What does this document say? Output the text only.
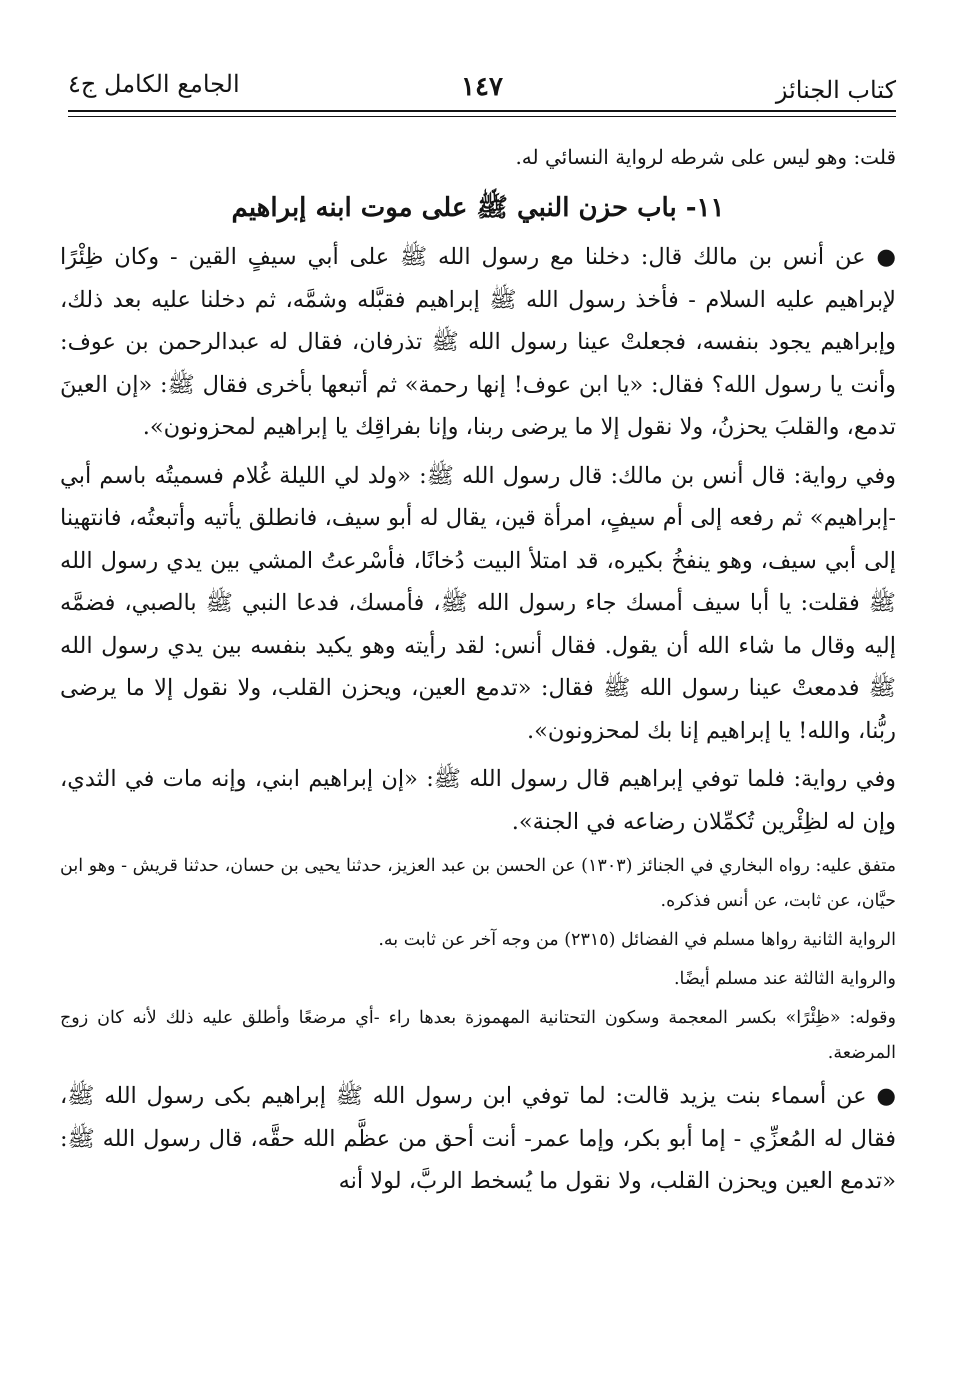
كتاب الجنائز
١٤٧
الجامع الكامل ج٤

قلت: وهو ليس على شرطه لرواية النسائي له.

١١- باب حزن النبي ﷺ على موت ابنه إبراهيم

● عن أنس بن مالك قال: دخلنا مع رسول الله ﷺ على أبي سيفٍ القين - وكان ظِئْرًا لإبراهيم عليه السلام - فأخذ رسول الله ﷺ إبراهيم فقبَّله وشمَّه، ثم دخلنا عليه بعد ذلك، وإبراهيم يجود بنفسه، فجعلتْ عينا رسول الله ﷺ تذرفان، فقال له عبدالرحمن بن عوف: وأنت يا رسول الله؟ فقال: «يا ابن عوف! إنها رحمة» ثم أتبعها بأخرى فقال ﷺ: «إن العينَ تدمع، والقلبَ يحزنُ، ولا نقول إلا ما يرضى ربنا، وإنا بفراقِك يا إبراهيم لمحزونون».

وفي رواية: قال أنس بن مالك: قال رسول الله ﷺ: «ولد لي الليلة غُلام فسميتُه باسم أبي -إبراهيم» ثم رفعه إلى أم سيفٍ، امرأة قين، يقال له أبو سيف، فانطلق يأتيه وأتبعتُه، فانتهينا إلى أبي سيف، وهو ينفخُ بكيره، قد امتلأ البيت دُخانًا، فأسْرعتُ المشي بين يدي رسول الله ﷺ فقلت: يا أبا سيف أمسك جاء رسول الله ﷺ، فأمسك، فدعا النبي ﷺ بالصبي، فضمَّه إليه وقال ما شاء الله أن يقول. فقال أنس: لقد رأيته وهو يكيد بنفسه بين يدي رسول الله ﷺ فدمعتْ عينا رسول الله ﷺ فقال: «تدمع العين، ويحزن القلب، ولا نقول إلا ما يرضى ربُّنا، والله! يا إبراهيم إنا بك لمحزونون».

وفي رواية: فلما توفي إبراهيم قال رسول الله ﷺ: «إن إبراهيم ابني، وإنه مات في الثدي، وإن له لظِئْرين تُكمِّلان رضاعه في الجنة».

متفق عليه: رواه البخاري في الجنائز (١٣٠٣) عن الحسن بن عبد العزيز، حدثنا يحيى بن حسان، حدثنا قريش - وهو ابن حيَّان، عن ثابت، عن أنس فذكره.

الرواية الثانية رواها مسلم في الفضائل (٢٣١٥) من وجه آخر عن ثابت به.

والرواية الثالثة عند مسلم أيضًا.

وقوله: «ظِئْرًا» بكسر المعجمة وسكون التحتانية المهموزة بعدها راء -أي مرضعًا وأطلق عليه ذلك لأنه كان زوج المرضعة.

● عن أسماء بنت يزيد قالت: لما توفي ابن رسول الله ﷺ إبراهيم بكى رسول الله ﷺ، فقال له المُعزِّي - إما أبو بكر، وإما عمر- أنت أحق من عظَّم الله حقَّه، قال رسول الله ﷺ: «تدمع العين ويحزن القلب، ولا نقول ما يُسخط الربَّ، لولا أنه
